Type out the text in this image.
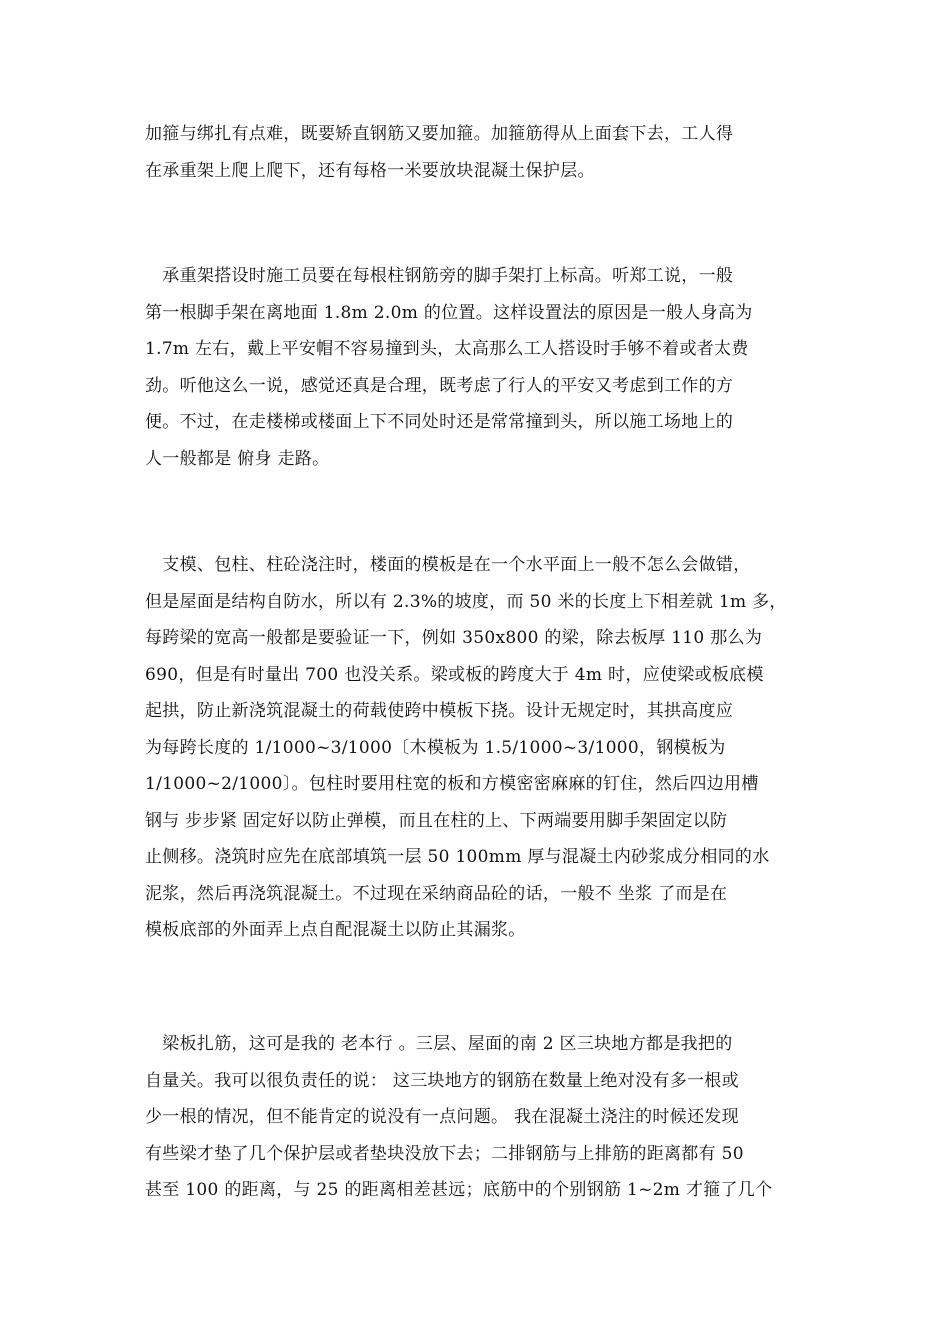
加箍与绑扎有点难，既要矫直钢筋又要加箍。加箍筋得从上面套下去，工人得
在承重架上爬上爬下，还有每格一米要放块混凝土保护层。
　承重架搭设时施工员要在每根柱钢筋旁的脚手架打上标高。听郑工说，一般
第一根脚手架在离地面 1.8m 2.0m 的位置。这样设置法的原因是一般人身高为
1.7m 左右，戴上平安帽不容易撞到头，太高那么工人搭设时手够不着或者太费
劲。听他这么一说，感觉还真是合理，既考虑了行人的平安又考虑到工作的方
便。不过，在走楼梯或楼面上下不同处时还是常常撞到头，所以施工场地上的
人一般都是 俯身 走路。
　支模、包柱、柱砼浇注时，楼面的模板是在一个水平面上一般不怎么会做错，
但是屋面是结构自防水，所以有 2.3%的坡度，而 50 米的长度上下相差就 1m 多，
每跨梁的宽高一般都是要验证一下，例如 350x800 的梁，除去板厚 110 那么为
690，但是有时量出 700 也没关系。梁或板的跨度大于 4m 时，应使梁或板底模
起拱，防止新浇筑混凝土的荷载使跨中模板下挠。设计无规定时，其拱高度应
为每跨长度的 1/1000~3/1000〔木模板为 1.5/1000~3/1000，钢模板为
1/1000~2/1000〕。包柱时要用柱宽的板和方模密密麻麻的钉住，然后四边用槽
钢与 步步紧 固定好以防止弹模，而且在柱的上、下两端要用脚手架固定以防
止侧移。浇筑时应先在底部填筑一层 50 100mm 厚与混凝土内砂浆成分相同的水
泥浆，然后再浇筑混凝土。不过现在采纳商品砼的话，一般不 坐浆 了而是在
模板底部的外面弄上点自配混凝土以防止其漏浆。
　梁板扎筋，这可是我的 老本行 。三层、屋面的南 2 区三块地方都是我把的
自量关。我可以很负责任的说： 这三块地方的钢筋在数量上绝对没有多一根或
少一根的情况，但不能肯定的说没有一点问题。 我在混凝土浇注的时候还发现
有些梁才垫了几个保护层或者垫块没放下去；二排钢筋与上排筋的距离都有 50
甚至 100 的距离，与 25 的距离相差甚远；底筋中的个别钢筋 1~2m 才箍了几个
